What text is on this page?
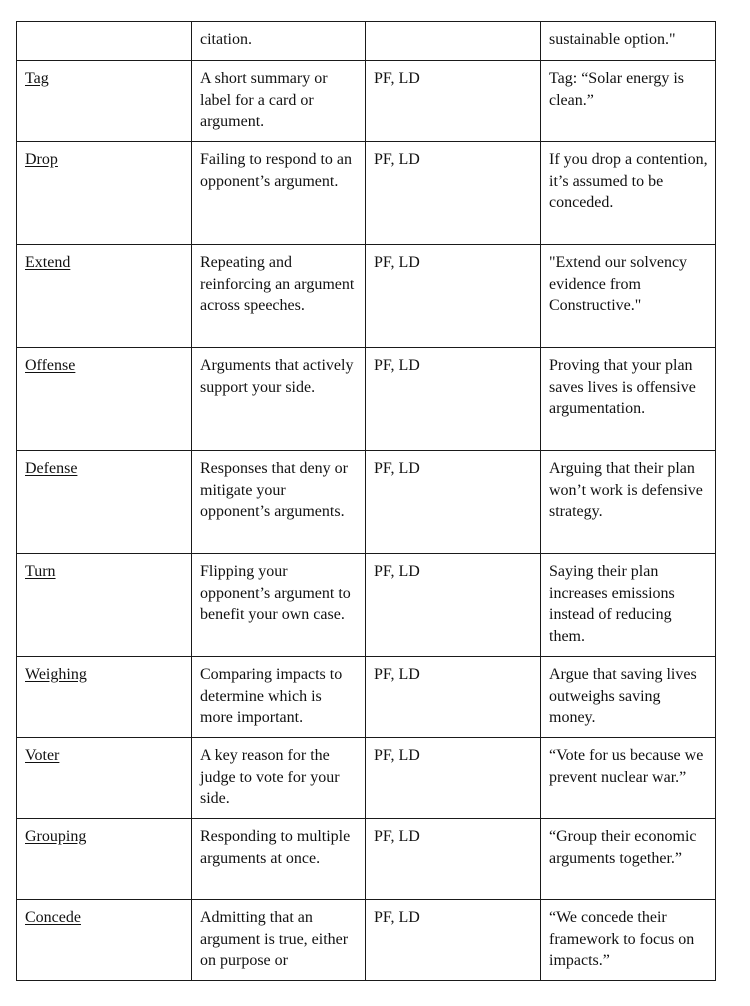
	citation.		sustainable option."
Tag	A short summary or label for a card or argument.	PF, LD	Tag: “Solar energy is clean.”
Drop	Failing to respond to an opponent’s argument.	PF, LD	If you drop a contention, it’s assumed to be conceded.
Extend	Repeating and reinforcing an argument across speeches.	PF, LD	"Extend our solvency evidence from Constructive."
Offense	Arguments that actively support your side.	PF, LD	Proving that your plan saves lives is offensive argumentation.
Defense	Responses that deny or mitigate your opponent’s arguments.	PF, LD	Arguing that their plan won’t work is defensive strategy.
Turn	Flipping your opponent’s argument to benefit your own case.	PF, LD	Saying their plan increases emissions instead of reducing them.
Weighing	Comparing impacts to determine which is more important.	PF, LD	Argue that saving lives outweighs saving money.
Voter	A key reason for the judge to vote for your side.	PF, LD	“Vote for us because we prevent nuclear war.”
Grouping	Responding to multiple arguments at once.	PF, LD	“Group their economic arguments together.”
Concede	Admitting that an argument is true, either on purpose or	PF, LD	“We concede their framework to focus on impacts.”
